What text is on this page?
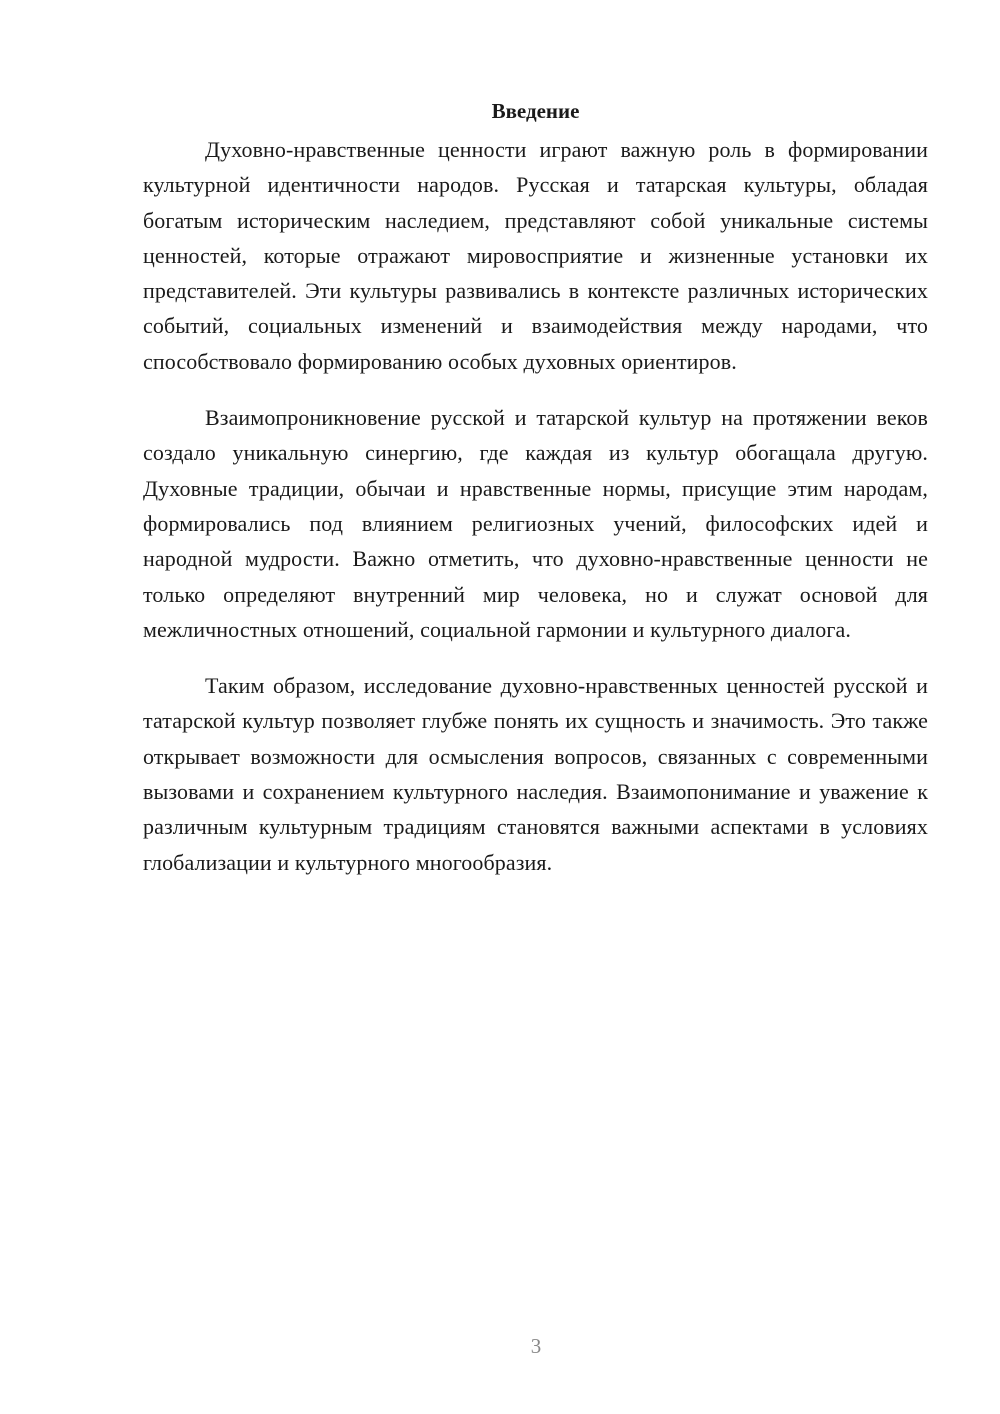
Введение

Духовно-нравственные ценности играют важную роль в формировании культурной идентичности народов. Русская и татарская культуры, обладая богатым историческим наследием, представляют собой уникальные системы ценностей, которые отражают мировосприятие и жизненные установки их представителей. Эти культуры развивались в контексте различных исторических событий, социальных изменений и взаимодействия между народами, что способствовало формированию особых духовных ориентиров.

Взаимопроникновение русской и татарской культур на протяжении веков создало уникальную синергию, где каждая из культур обогащала другую. Духовные традиции, обычаи и нравственные нормы, присущие этим народам, формировались под влиянием религиозных учений, философских идей и народной мудрости. Важно отметить, что духовно-нравственные ценности не только определяют внутренний мир человека, но и служат основой для межличностных отношений, социальной гармонии и культурного диалога.

Таким образом, исследование духовно-нравственных ценностей русской и татарской культур позволяет глубже понять их сущность и значимость. Это также открывает возможности для осмысления вопросов, связанных с современными вызовами и сохранением культурного наследия. Взаимопонимание и уважение к различным культурным традициям становятся важными аспектами в условиях глобализации и культурного многообразия.

3
